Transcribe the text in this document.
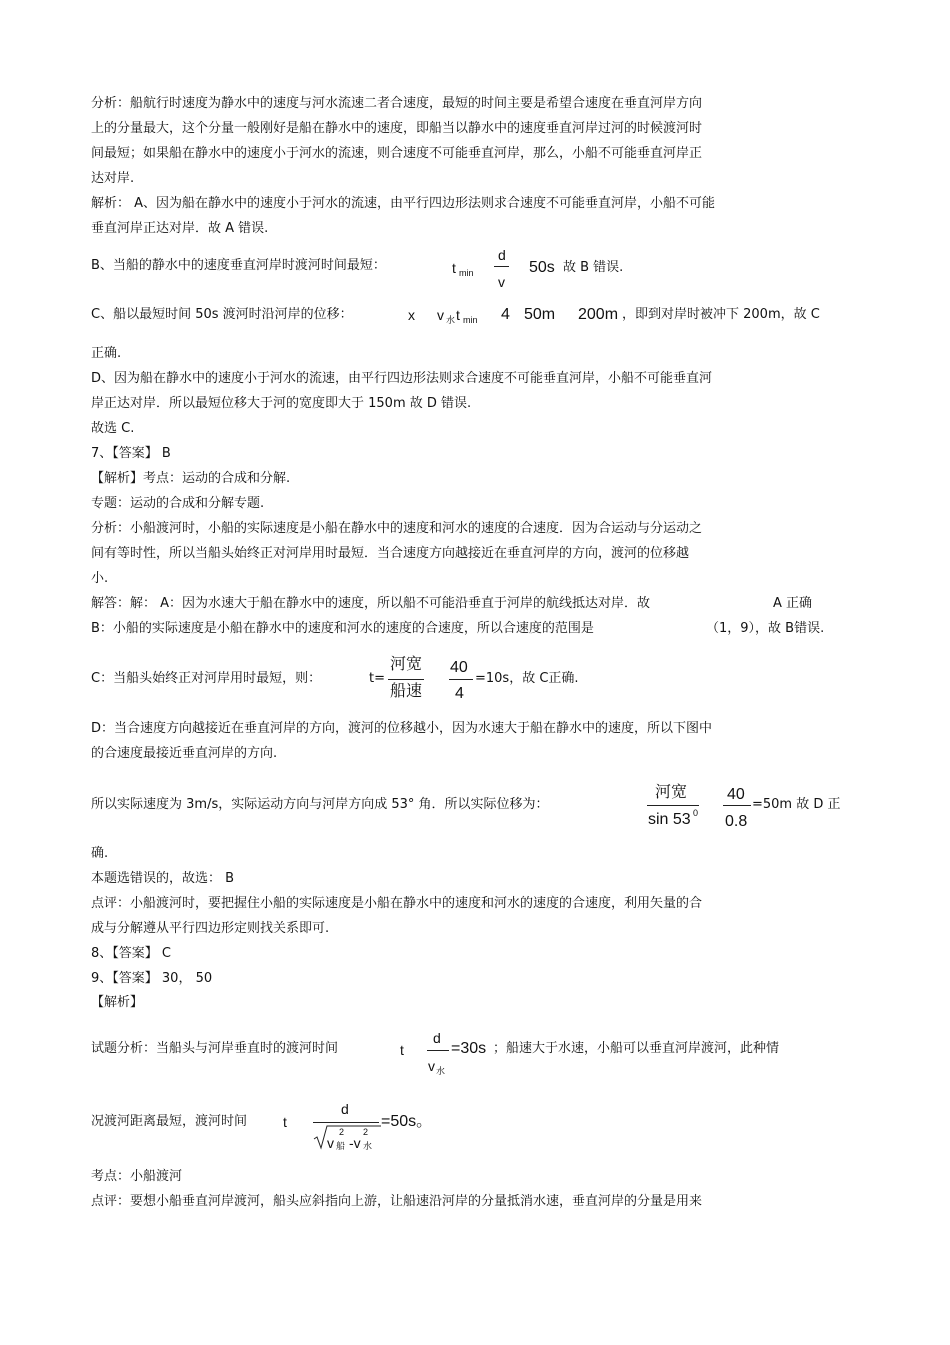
分析：船航行时速度为静水中的速度与河水流速二者合速度，最短的时间主要是希望合速度在垂直河岸方向
上的分量最大，这个分量一般刚好是船在静水中的速度，即船当以静水中的速度垂直河岸过河的时候渡河时
间最短；如果船在静水中的速度小于河水的流速，则合速度不可能垂直河岸，那么，小船不可能垂直河岸正
达对岸.
解析： A、因为船在静水中的速度小于河水的流速，由平行四边形法则求合速度不可能垂直河岸，小船不可能
垂直河岸正达对岸．故 A 错误.
B、当船的静水中的速度垂直河岸时渡河时间最短：	t min
d
v
50s 故 B 错误.
C、船以最短时间 50s 渡河时沿河岸的位移：	x v 水 t min 4 50m 200m ，即到对岸时被冲下 200m，故 C
正确.
D、因为船在静水中的速度小于河水的流速，由平行四边形法则求合速度不可能垂直河岸，小船不可能垂直河
岸正达对岸．所以最短位移大于河的宽度即大于 150m 故 D 错误.
故选 C.
7、【答案】 B
【解析】考点：运动的合成和分解.
专题：运动的合成和分解专题.
分析：小船渡河时，小船的实际速度是小船在静水中的速度和河水的速度的合速度．因为合运动与分运动之
间有等时性，所以当船头始终正对河岸用时最短．当合速度方向越接近在垂直河岸的方向，渡河的位移越
小.
解答：解： A：因为水速大于船在静水中的速度，所以船不可能沿垂直于河岸的航线抵达对岸．故	A 正确
B：小船的实际速度是小船在静水中的速度和河水的速度的合速度，所以合速度的范围是	（1，9），故 B错误.
C：当船头始终正对河岸用时最短，则：	t=
河宽
船速
40
4
=10s，故 C正确.
D：当合速度方向越接近在垂直河岸的方向，渡河的位移越小，因为水速大于船在静水中的速度，所以下图中
的合速度最接近垂直河岸的方向.
所以实际速度为 3m/s，实际运动方向与河岸方向成 53° 角．所以实际位移为：
河宽
sin 53 0
40
0.8
=50m 故 D 正
确.
本题选错误的，故选： B
点评：小船渡河时，要把握住小船的实际速度是小船在静水中的速度和河水的速度的合速度，利用矢量的合
成与分解遵从平行四边形定则找关系即可.
8、【答案】 C
9、【答案】 30， 50
【解析】
试题分析：当船头与河岸垂直时的渡河时间	t
d
v 水
=30s ；船速大于水速，小船可以垂直河岸渡河，此种情
况渡河距离最短，渡河时间	t
d
v 船
2
-v 水
2
=50s。
考点：小船渡河
点评：要想小船垂直河岸渡河，船头应斜指向上游，让船速沿河岸的分量抵消水速，垂直河岸的分量是用来
